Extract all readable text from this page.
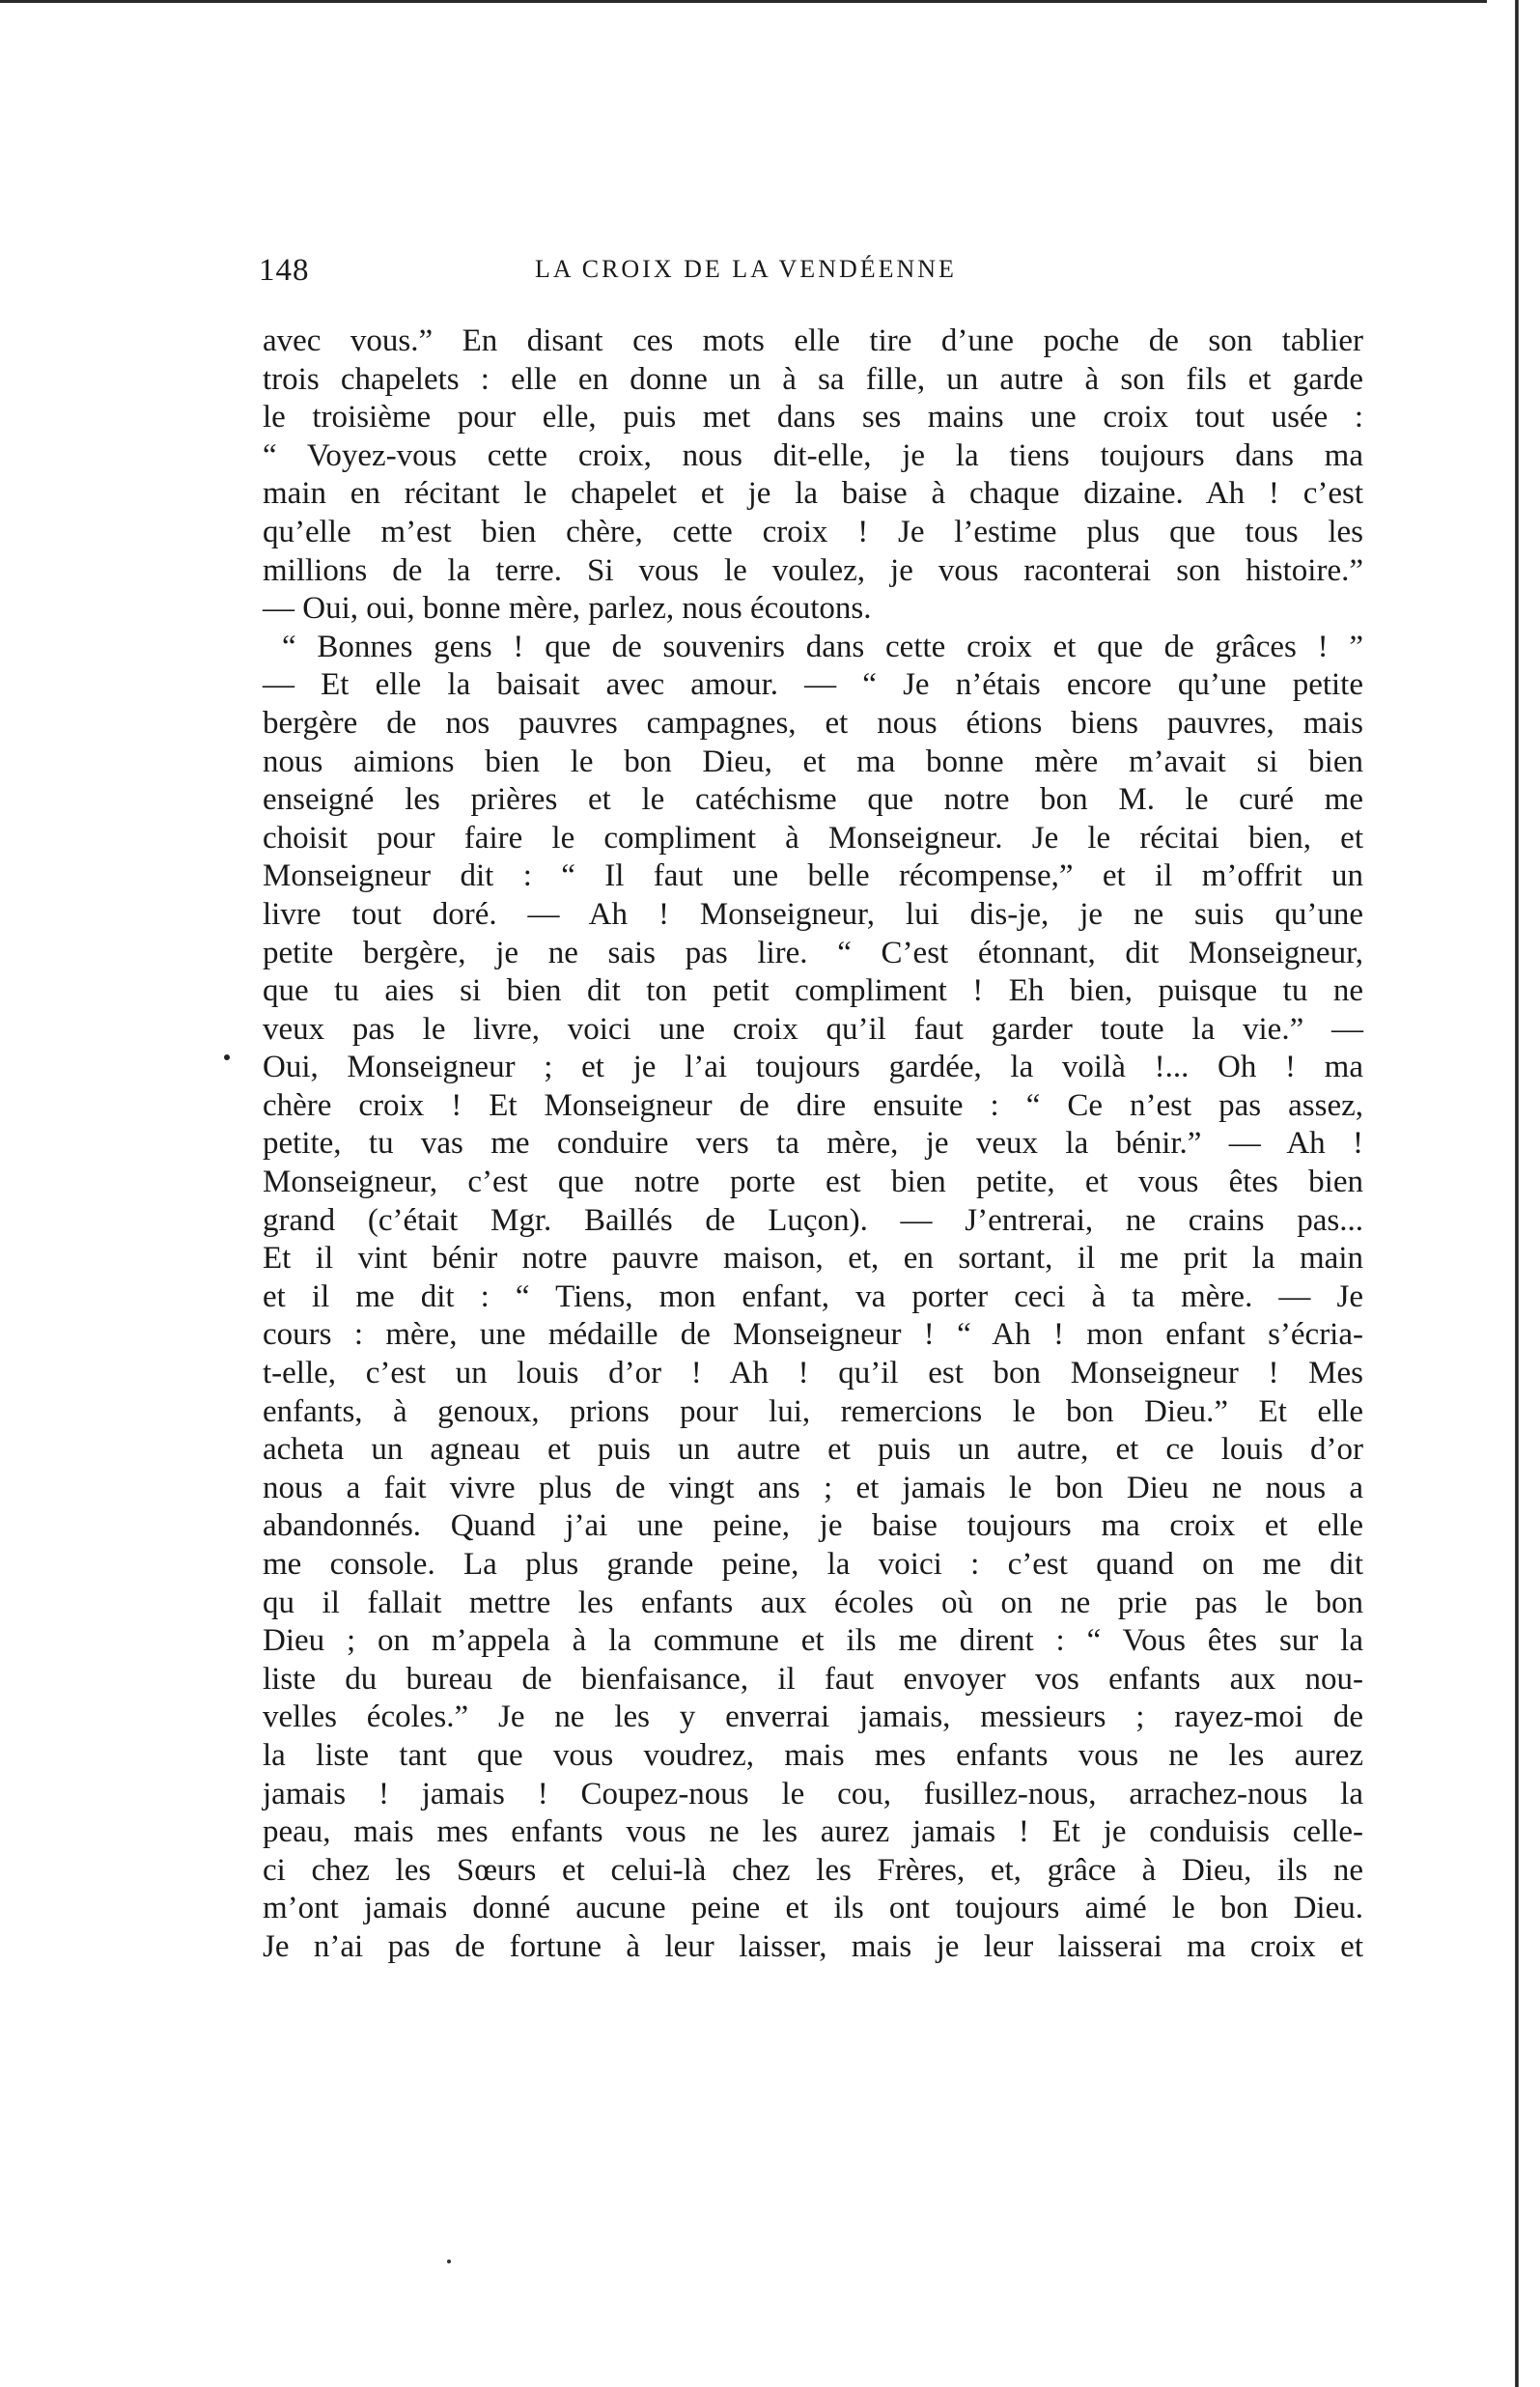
148	LA CROIX DE LA VENDÉENNE
avec vous.” En disant ces mots elle tire d’une poche de son tablier
trois chapelets : elle en donne un à sa fille, un autre à son fils et garde
le troisième pour elle, puis met dans ses mains une croix tout usée :
“ Voyez-vous cette croix, nous dit-elle, je la tiens toujours dans ma
main en récitant le chapelet et je la baise à chaque dizaine. Ah ! c’est
qu’elle m’est bien chère, cette croix ! Je l’estime plus que tous les
millions de la terre. Si vous le voulez, je vous raconterai son histoire.”
— Oui, oui, bonne mère, parlez, nous écoutons.
“ Bonnes gens ! que de souvenirs dans cette croix et que de grâces ! ”
— Et elle la baisait avec amour. — “ Je n’étais encore qu’une petite
bergère de nos pauvres campagnes, et nous étions biens pauvres, mais
nous aimions bien le bon Dieu, et ma bonne mère m’avait si bien
enseigné les prières et le catéchisme que notre bon M. le curé me
choisit pour faire le compliment à Monseigneur. Je le récitai bien, et
Monseigneur dit : “ Il faut une belle récompense,” et il m’offrit un
livre tout doré. — Ah ! Monseigneur, lui dis-je, je ne suis qu’une
petite bergère, je ne sais pas lire. “ C’est étonnant, dit Monseigneur,
que tu aies si bien dit ton petit compliment ! Eh bien, puisque tu ne
veux pas le livre, voici une croix qu’il faut garder toute la vie.” —
Oui, Monseigneur ; et je l’ai toujours gardée, la voilà !... Oh ! ma
chère croix ! Et Monseigneur de dire ensuite : “ Ce n’est pas assez,
petite, tu vas me conduire vers ta mère, je veux la bénir.” — Ah !
Monseigneur, c’est que notre porte est bien petite, et vous êtes bien
grand (c’était Mgr. Baillés de Luçon). — J’entrerai, ne crains pas...
Et il vint bénir notre pauvre maison, et, en sortant, il me prit la main
et il me dit : “ Tiens, mon enfant, va porter ceci à ta mère. — Je
cours : mère, une médaille de Monseigneur ! “ Ah ! mon enfant s’écria-
t-elle, c’est un louis d’or ! Ah ! qu’il est bon Monseigneur ! Mes
enfants, à genoux, prions pour lui, remercions le bon Dieu.” Et elle
acheta un agneau et puis un autre et puis un autre, et ce louis d’or
nous a fait vivre plus de vingt ans ; et jamais le bon Dieu ne nous a
abandonnés. Quand j’ai une peine, je baise toujours ma croix et elle
me console. La plus grande peine, la voici : c’est quand on me dit
qu il fallait mettre les enfants aux écoles où on ne prie pas le bon
Dieu ; on m’appela à la commune et ils me dirent : “ Vous êtes sur la
liste du bureau de bienfaisance, il faut envoyer vos enfants aux nou-
velles écoles.” Je ne les y enverrai jamais, messieurs ; rayez-moi de
la liste tant que vous voudrez, mais mes enfants vous ne les aurez
jamais ! jamais ! Coupez-nous le cou, fusillez-nous, arrachez-nous la
peau, mais mes enfants vous ne les aurez jamais ! Et je conduisis celle-
ci chez les Sœurs et celui-là chez les Frères, et, grâce à Dieu, ils ne
m’ont jamais donné aucune peine et ils ont toujours aimé le bon Dieu.
Je n’ai pas de fortune à leur laisser, mais je leur laisserai ma croix et
